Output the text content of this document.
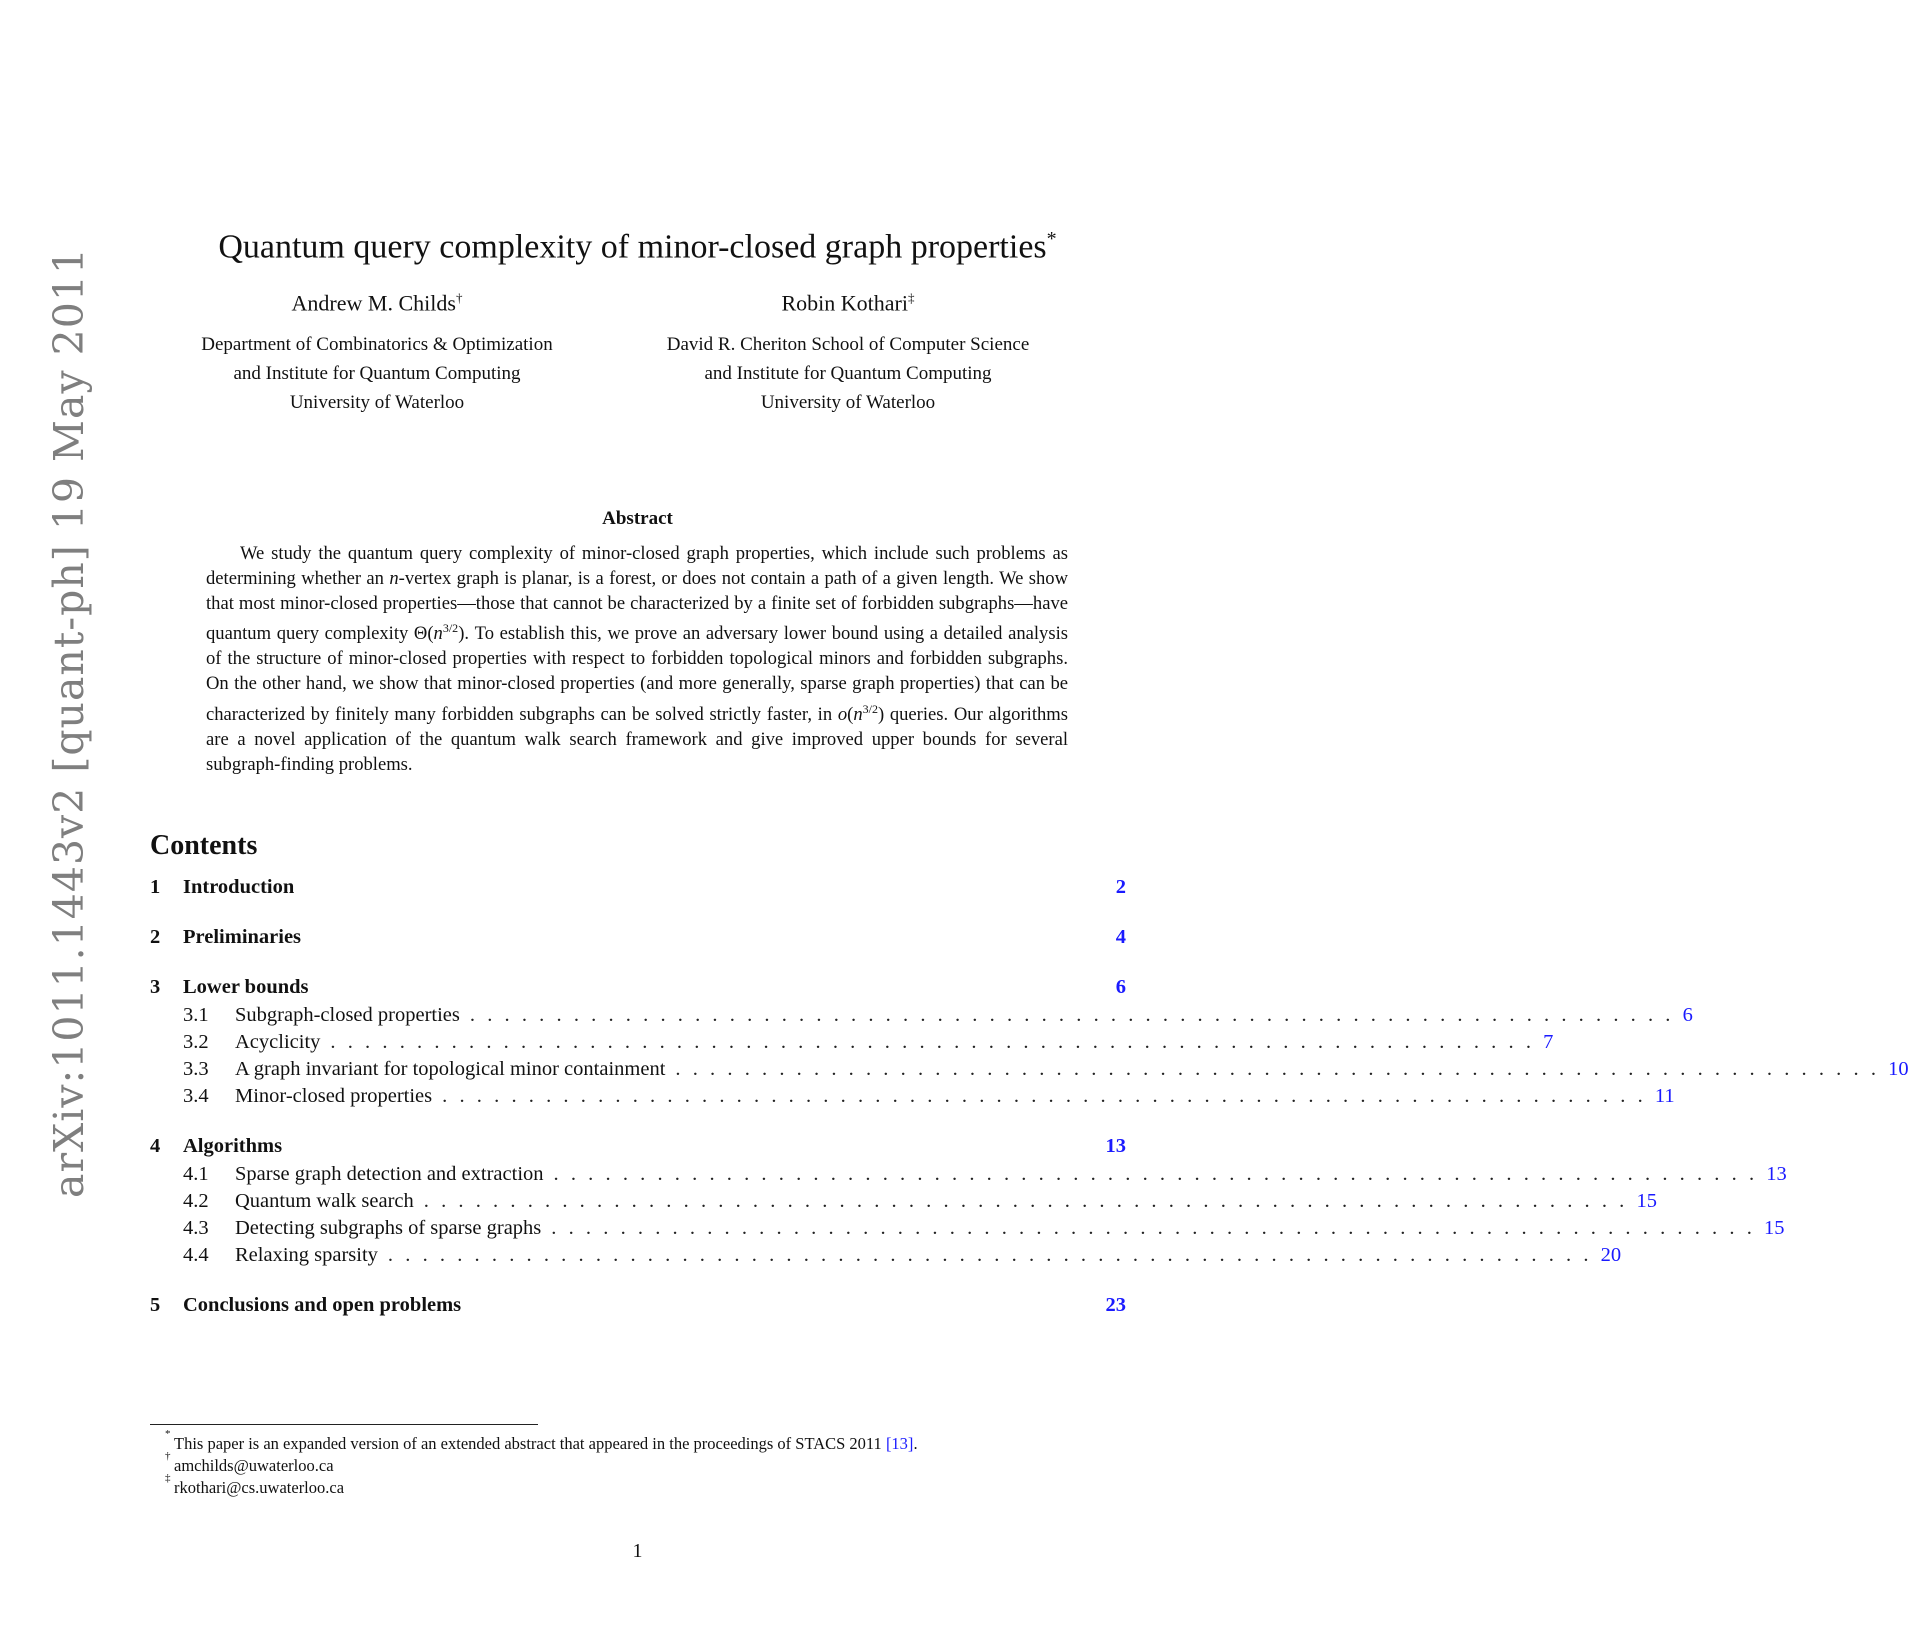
arXiv:1011.1443v2 [quant-ph] 19 May 2011
Quantum query complexity of minor-closed graph properties*
Andrew M. Childs†
Department of Combinatorics & Optimization
and Institute for Quantum Computing
University of Waterloo
Robin Kothari‡
David R. Cheriton School of Computer Science
and Institute for Quantum Computing
University of Waterloo
Abstract
We study the quantum query complexity of minor-closed graph properties, which include such problems as determining whether an n-vertex graph is planar, is a forest, or does not contain a path of a given length. We show that most minor-closed properties—those that cannot be characterized by a finite set of forbidden subgraphs—have quantum query complexity $\Theta(n^{3/2})$. To establish this, we prove an adversary lower bound using a detailed analysis of the structure of minor-closed properties with respect to forbidden topological minors and forbidden subgraphs. On the other hand, we show that minor-closed properties (and more generally, sparse graph properties) that can be characterized by finitely many forbidden subgraphs can be solved strictly faster, in $o(n^{3/2})$ queries. Our algorithms are a novel application of the quantum walk search framework and give improved upper bounds for several subgraph-finding problems.
Contents
1 Introduction	2
2 Preliminaries	4
3 Lower bounds	6
3.1 Subgraph-closed properties ...................................................................... 6
3.2 Acyclicity ...................................................................... 7
3.3 A graph invariant for topological minor containment ...................................................................... 10
3.4 Minor-closed properties ...................................................................... 11
4 Algorithms	13
4.1 Sparse graph detection and extraction ...................................................................... 13
4.2 Quantum walk search ...................................................................... 15
4.3 Detecting subgraphs of sparse graphs ...................................................................... 15
4.4 Relaxing sparsity ...................................................................... 20
5 Conclusions and open problems	23
* This paper is an expanded version of an extended abstract that appeared in the proceedings of STACS 2011 [13].
† amchilds@uwaterloo.ca
‡ rkothari@cs.uwaterloo.ca
1
